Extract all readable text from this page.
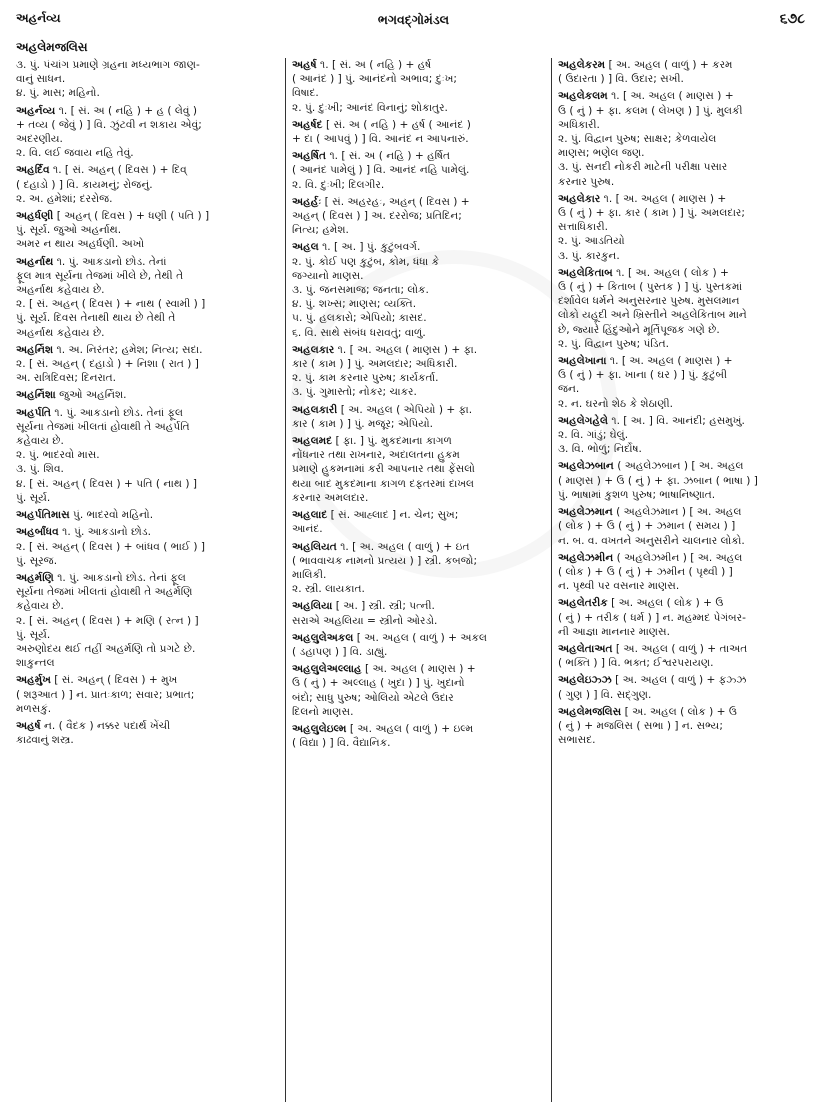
અહર્નવ્ય	ભગવદ્ગોમંડલ	૬૭૮
અહલેમજલિસ
૩. પું. પંચાંગ પ્રમાણે ગ્રહના મધ્યભાગ જાણ-
વાનું સાધન.
૪. પું. માસ; મહિનો.
અહર્નવ્ય ૧. [ સં. અ ( નહિ ) + હ ( લેવું )
+ તવ્ય ( જેવું ) ] વિ. ઝુંટવી ન શકાય એવું;
અદરણીય.
૨. વિ. લઈ જવાય નહિ તેવું.
અહર્દિવ ૧. [ સં. અહન્ ( દિવસ ) + દિવ્
( દહાડો ) ] વિ. કાયમનું; રોજનું.
૨. અ. હમેશાં; દરરોજ.
અહર્ધણી [ અહન્ ( દિવસ ) + ધણી ( પતિ ) ]
પું. સૂર્ય. જુઓ અહર્નાથ.
અમર ન થાય અહર્ધણી. અખો
અહર્નાથ ૧. પું. આકડાનો છોડ. તેનાં
ફૂલ માત્ર સૂર્યના તેજમાં ખીલે છે, તેથી તે
અહર્નાથ કહેવાય છે.
૨. [ સં. અહન્ ( દિવસ ) + નાથ ( સ્વામી ) ]
પું. સૂર્ય. દિવસ તેનાથી થાય છે તેથી તે
અહર્નાથ કહેવાય છે.
અહર્નિશ ૧. અ. નિરંતર; હમેશ; નિત્ય; સદા.
૨. [ સં. અહન્ ( દહાડો ) + નિશા ( રાત ) ]
અ. રાત્રિદિવસ; દિનરાત.
અહર્નિશા જુઓ અહર્નિશ.
અહર્પતિ ૧. પું. આકડાનો છોડ. તેનાં ફૂલ
સૂર્યના તેજમાં ખીલતાં હોવાથી તે અહર્પતિ
કહેવાય છે.
૨. પું. ભાદરવો માસ.
૩. પું. શિવ.
૪. [ સં. અહન્ ( દિવસ ) + પતિ ( નાથ ) ]
પું. સૂર્ય.
અહર્પતિમાસ પું. ભાદરવો મહિનો.
અહર્બાંધવ ૧. પું. આકડાનો છોડ.
૨. [ સં. અહન્ ( દિવસ ) + બાંધવ ( ભાઈ ) ]
પું. સૂરજ.
અહર્મણિ ૧. પું. આકડાનો છોડ. તેનાં ફૂલ
સૂર્યના તેજમાં ખીલતાં હોવાથી તે અહર્મણિ
કહેવાય છે.
૨. [ સં. અહન્ ( દિવસ ) + મણિ ( રત્ન ) ]
પું. સૂર્ય.
અરુણોદય થઈ તહીં અહર્મણિ તો પ્રગટે છે.
શાકુન્તલ
અહર્મુખ [ સં. અહન્ ( દિવસ ) + મુખ
( શરૂઆત ) ] ન. પ્રાતઃકાળ; સવાર; પ્રભાત;
મળસકું.
અહર્ષ ન. ( વૈદક ) નક્કર પદાર્થ ખેંચી
કાઢવાનું શસ્ત્ર.
અહર્ષ ૧. [ સં. અ ( નહિ ) + હર્ષ
( આનંદ ) ] પું. આનંદનો અભાવ; દુઃખ;
વિષાદ.
૨. પું. દુઃખી; આનંદ વિનાનું; શોકાતુર.
અહર્ષદ [ સં. અ ( નહિ ) + હર્ષ ( આનંદ )
+ દા ( આપવું ) ] વિ. આનંદ ન આપનારું.
અહર્ષિત ૧. [ સં. અ ( નહિ ) + હર્ષિત
( આનંદ પામેલું ) ] વિ. આનંદ નહિ પામેલું.
૨. વિ. દુઃખી; દિલગીર.
અહર્હઃ [ સં. અહરહઃ, અહન્ ( દિવસ ) +
અહન્ ( દિવસ ) ] અ. દરરોજ; પ્રતિદિન;
નિત્ય; હમેશ.
અહલ ૧. [ અ. ] પું. કુટુંબવર્ગ.
૨. પું. કોઈ પણ કુટુંબ, કોમ, ધંધા કે
જગ્યાનો માણસ.
૩. પું. જનસમાજ; જનતા; લોક.
૪. પું. શખ્સ; માણસ; વ્યક્તિ.
૫. પું. હલકારો; એપિયો; કાસદ.
૬. વિ. સાથે સંબંધ ધરાવતું; વાળું.
અહલકાર ૧. [ અ. અહલ ( માણસ ) + ફા.
કાર ( કામ ) ] પું. અમલદાર; અધિકારી.
૨. પું. કામ કરનાર પુરુષ; કાર્યકર્તા.
૩. પું. ગુમાસ્તો; નોકર; ચાકર.
અહલકારી [ અ. અહલ ( એપિયો ) + ફા.
કાર ( કામ ) ] પું. મજૂર; એપિયો.
અહલમદ [ ફા. ] પું. મુકદમાના કાગળ
નોંધનાર તથા રાખનાર, અદાલતના હુકમ
પ્રમાણે હુકમનામાં કરી આપનાર તથા ફેંસલો
થયા બાદ મુકદમાના કાગળ દફતરમાં દાખલ
કરનાર અમલદાર.
અહલાદ [ સં. આહ્લાદ ] ન. ચેન; સુખ;
આનંદ.
અહલિયત ૧. [ અ. અહલ ( વાળું ) + ઇત
( ભાવવાચક નામનો પ્રત્યય ) ] સ્ત્રી. કબજો;
માલિકી.
૨. સ્ત્રી. લાયકાત.
અહલિયા [ અ. ] સ્ત્રી. સ્ત્રી; પત્ની.
સરાએ અહલિયા = સ્ત્રીનો ઓરડો.
અહલુલેઅકલ [ અ. અહલ ( વાળું ) + અકલ
( ડહાપણ ) ] વિ. ડાહ્યું.
અહલુલેઅલ્લાહ [ અ. અહલ ( માણસ ) +
ઉ ( નું ) + અલ્લાહ ( ખુદા ) ] પું. ખુદાનો
બંદો; સાધુ પુરુષ; ઓલિયો એટલે ઉદાર
દિલનો માણસ.
અહલુલેઇલ્મ [ અ. અહલ ( વાળું ) + ઇલ્મ
( વિદ્યા ) ] વિ. વૈદ્યાનિક.
અહલેકરમ [ અ. અહલ ( વાળું ) + કરમ
( ઉદારતા ) ] વિ. ઉદાર; સખી.
અહલેકલમ ૧. [ અ. અહલ ( માણસ ) +
ઉ ( નું ) + ફા. કલમ ( લેખણ ) ] પું. મુલકી
અધિકારી.
૨. પું. વિદ્વાન પુરુષ; સાક્ષર; કેળવાયેલ
માણસ; ભણેલ જણ.
૩. પું. સનદી નોકરી માટેની પરીક્ષા પસાર
કરનાર પુરુષ.
અહલેકાર ૧. [ અ. અહલ ( માણસ ) +
ઉ ( નું ) + ફા. કાર ( કામ ) ] પું. અમલદાર;
સત્તાધિકારી.
૨. પું. આડતિયો
૩. પું. કારકુન.
અહલેકિતાબ ૧. [ અ. અહલ ( લોક ) +
ઉ ( નું ) + કિતાબ ( પુસ્તક ) ] પું. પુસ્તકમાં
દર્શાવેલ ધર્મને અનુસરનાર પુરુષ. મુસલમાન
લોકો યહૂદી અને ખ્રિસ્તીને અહલેકિતાબ માને
છે, જ્યારે હિંદુઓને મૂર્તિપૂજક ગણે છે.
૨. પું. વિદ્વાન પુરુષ; પંડિત.
અહલેખાના ૧. [ અ. અહલ ( માણસ ) +
ઉ ( નું ) + ફા. ખાના ( ઘર ) ] પું. કુટુંબી
જન.
૨. ન. ઘરનો શેઠ કે શેઠાણી.
અહલેગહેલે ૧. [ અ. ] વિ. આનંદી; હસમુખું.
૨. વિ. ગાંડું; ઘેલું.
૩. વિ. ભોળું; નિર્દોષ.
અહલેઝબાન ( અહલેઝબાન ) [ અ. અહલ
( માણસ ) + ઉ ( નું ) + ફા. ઝબાન ( ભાષા ) ]
પું. ભાષામાં કુશળ પુરુષ; ભાષાનિષ્ણાત.
અહલેઝમાન ( અહલેઝમાન ) [ અ. અહલ
( લોક ) + ઉ ( નું ) + ઝમાન ( સમય ) ]
ન. બ. વ. વખતને અનુસરીને ચાલનાર લોકો.
અહલેઝમીન ( અહલેઝમીન ) [ અ. અહલ
( લોક ) + ઉ ( નું ) + ઝમીન ( પૃથ્વી ) ]
ન. પૃથ્વી પર વસનાર માણસ.
અહલેતરીક [ અ. અહલ ( લોક ) + ઉ
( નું ) + તરીક ( ધર્મ ) ] ન. મહમ્મદ પેગંબર-
ની આજ્ઞા માનનાર માણસ.
અહલેતાઅત [ અ. અહલ ( વાળું ) + તાઅત
( ભક્તિ ) ] વિ. ભક્ત; ઈશ્વરપરાયણ.
અહલેઇઝ્ઝ [ અ. અહલ ( વાળું ) + ફઝ્ઝ
( ગુણ ) ] વિ. સદ્ગુણ.
અહલેમજલિસ [ અ. અહલ ( લોક ) + ઉ
( નું ) + મજલિસ ( સભા ) ] ન. સભ્ય;
સભાસદ.
